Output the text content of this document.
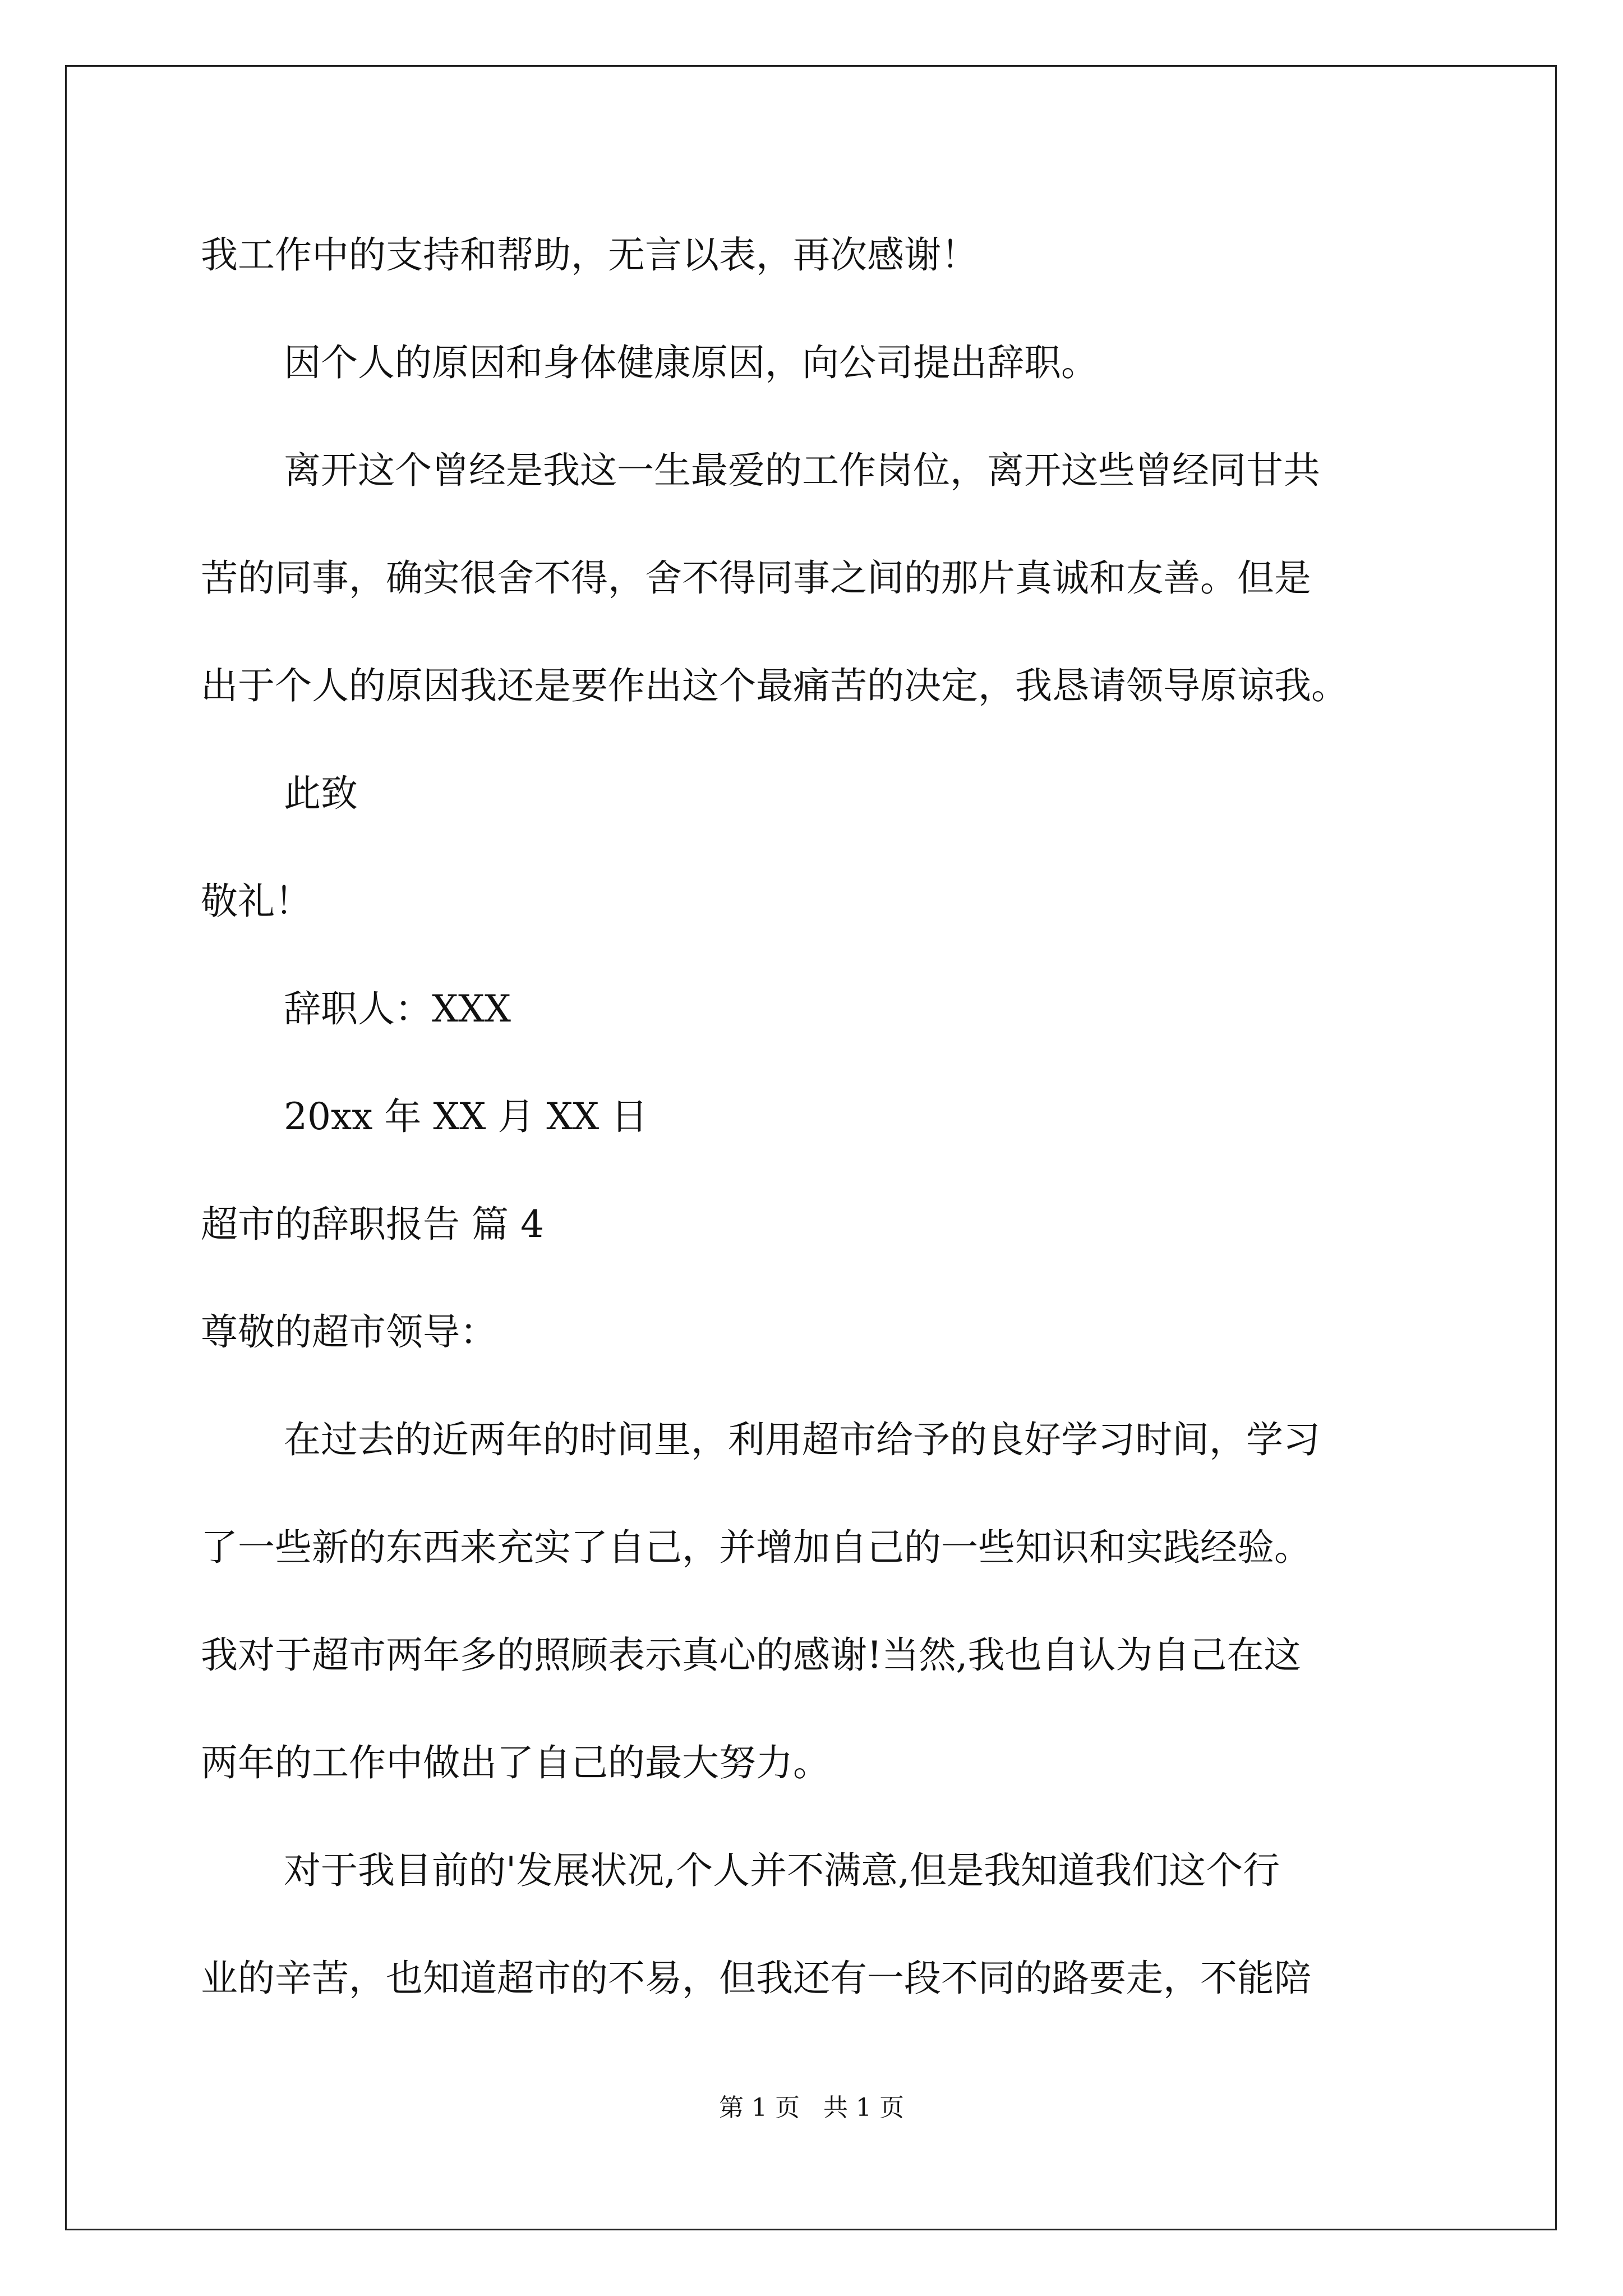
我工作中的支持和帮助，无言以表，再次感谢！
因个人的原因和身体健康原因，向公司提出辞职。
离开这个曾经是我这一生最爱的工作岗位，离开这些曾经同甘共
苦的同事，确实很舍不得，舍不得同事之间的那片真诚和友善。但是
出于个人的原因我还是要作出这个最痛苦的决定，我恳请领导原谅我。
此致
敬礼！
辞职人：XXX
20xx 年 XX 月 XX 日
超市的辞职报告 篇 4
尊敬的超市领导：
在过去的近两年的时间里，利用超市给予的良好学习时间，学习
了一些新的东西来充实了自己，并增加自己的一些知识和实践经验。
我对于超市两年多的照顾表示真心的感谢!当然,我也自认为自己在这
两年的工作中做出了自己的最大努力。
对于我目前的'发展状况,个人并不满意,但是我知道我们这个行
业的辛苦，也知道超市的不易，但我还有一段不同的路要走，不能陪
第 1 页   共 1 页
